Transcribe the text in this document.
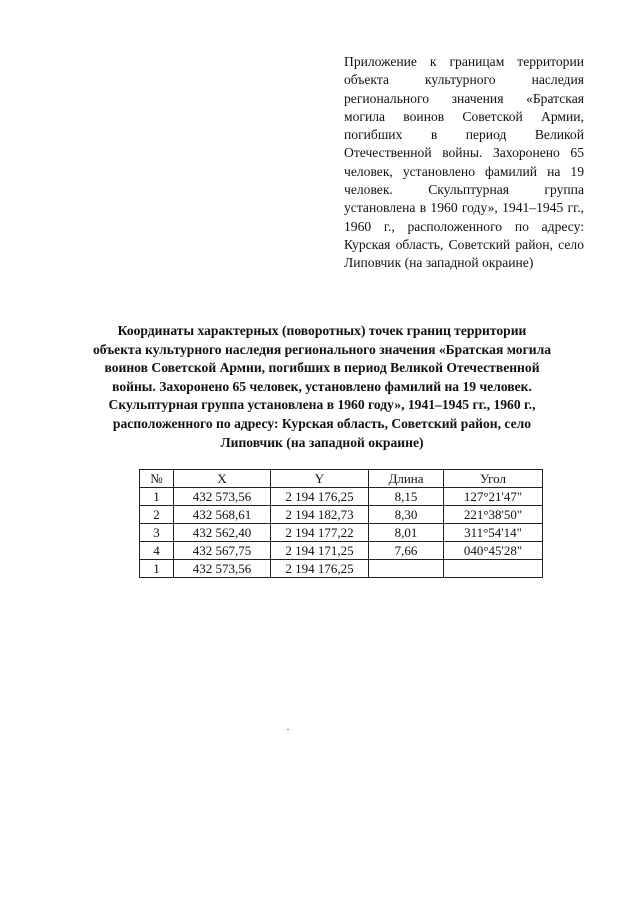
Приложение к границам территории объекта культурного наследия регионального значения «Братская могила воинов Советской Армии, погибших в период Великой Отечественной войны. Захоронено 65 человек, установлено фамилий на 19 человек. Скульптурная группа установлена в 1960 году», 1941–1945 гг., 1960 г., расположенного по адресу: Курская область, Советский район, село Липовчик (на западной окраине)
Координаты характерных (поворотных) точек границ территории объекта культурного наследия регионального значения «Братская могила воинов Советской Армии, погибших в период Великой Отечественной войны. Захоронено 65 человек, установлено фамилий на 19 человек. Скульптурная группа установлена в 1960 году», 1941–1945 гг., 1960 г., расположенного по адресу: Курская область, Советский район, село Липовчик (на западной окраине)
№	X	Y	Длина	Угол
1	432 573,56	2 194 176,25	8,15	127°21'47"
2	432 568,61	2 194 182,73	8,30	221°38'50"
3	432 562,40	2 194 177,22	8,01	311°54'14"
4	432 567,75	2 194 171,25	7,66	040°45'28"
1	432 573,56	2 194 176,25		
